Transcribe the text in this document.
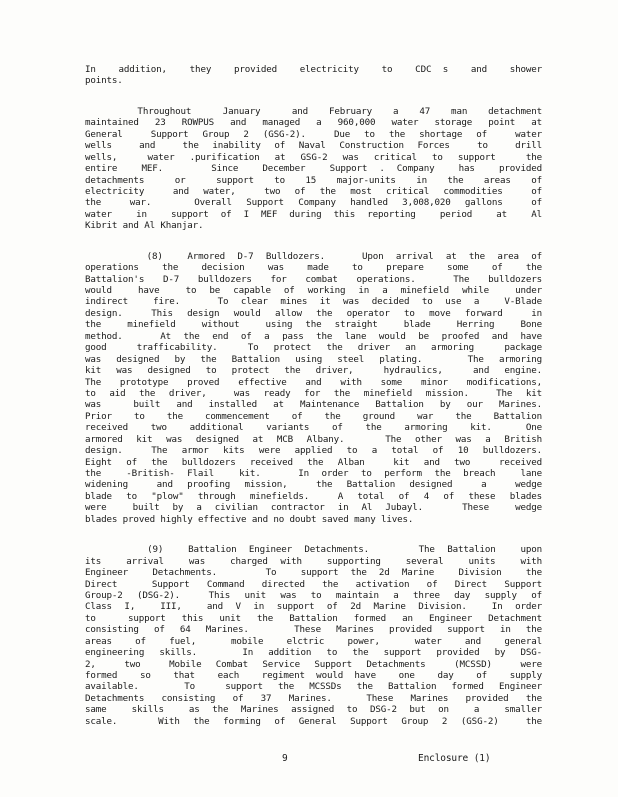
In  addition,  they  provided  electricity  to  CDC s  and  shower
points.
Throughout   January   and  February  a  47  man  detachment
maintained 23 ROWPUS and managed a 960,000 water storage point at
General  Support Group 2 (GSG-2).  Due to the shortage of  water
wells  and  the inability of Naval Construction Forces  to  drill
wells,  water .purification at GSG-2 was critical to support  the
entire  MEF.    Since  December  Support . Company  has  provided
detachments   or   support  to  15  major-units  in  the  areas  of
electricity  and water,  two of the most critical commodities  of
the  war.   Overall Support Company handled 3,008,020 gallons  of
water  in  support of I MEF during this reporting  period  at  Al
Kibrit and Al Khanjar.
(8)  Armored D-7 Bulldozers.   Upon arrival at the area of
operations  the  decision  was  made  to  prepare  some  of  the
Battalion's D-7 bulldozers for combat operations.  The bulldozers
would  have  to be capable of working in a minefield while  under
indirect  fire.   To clear mines it was decided to use a  V-Blade
design.  This design would allow the operator to move forward  in
the  minefield  without  using the straight  blade  Herring  Bone
method.   At the end of a pass the lane would be proofed and have
good  trafficability.  To protect the driver an armoring  package
was designed by the Battalion using steel plating.   The armoring
kit was designed to protect the driver,  hydraulics,  and engine.
The prototype proved effective and with some minor modifications,
to aid the driver,  was ready for the minefield mission.  The kit
was  built and installed at Maintenance Battalion by our Marines.
Prior  to  the  commencement  of  the  ground  war  the  Battalion
received  two  additional  variants  of  the  armoring  kit.   One
armored kit was designed at MCB Albany.   The other was a British
design.  The armor kits were applied to a total of 10 bulldozers.
Eight of the bulldozers received the Alban  kit and two  received
the  -British- Flail  kit.   In order to perform the breach  lane
widening  and proofing mission,  the Battalion designed  a  wedge
blade to "plow" through minefields.  A total of 4 of these blades
were  built by a civilian contractor in Al Jubayl.   These  wedge
blades proved highly effective and no doubt saved many lives.
(9)  Battalion Engineer Detachments.    The Battalion  upon
its  arrival  was  charged with  supporting  several  units  with
Engineer  Detachments.    To  support the 2d Marine  Division  the
Direct  Support Command directed the activation of Direct Support
Group-2 (DSG-2).  This unit was to maintain a three day supply of
Class I,  III,  and V in support of 2d Marine Division.  In order
to  support this unit the Battalion formed an Engineer Detachment
consisting of 64 Marines.   These Marines provided support in the
areas  of  fuel,   mobile  elctric  power,   water  and  general
engineering skills.   In addition to the support provided by DSG-
2,  two  Mobile Combat Service Support Detachments  (MCSSD)  were
formed  so  that  each  regiment would have  one  day  of  supply
available.   To  support the MCSSDs the Battalion formed Engineer
Detachments consisting of 37 Marines.  These Marines provided the
same  skills  as the Marines assigned to DSG-2 but on  a  smaller
scale.   With the forming of General Support Group 2 (GSG-2)  the
9	Enclosure (1)
